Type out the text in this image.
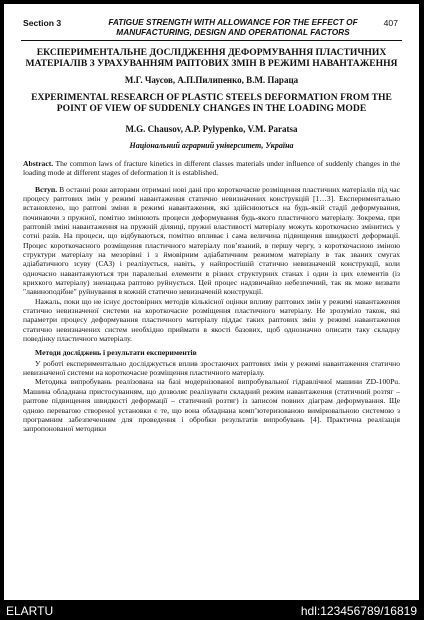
Section 3	FATIGUE STRENGTH WITH ALLOWANCE FOR THE EFFECT OF MANUFACTURING, DESIGN AND OPERATIONAL FACTORS
407
ЕКСПЕРИМЕНТАЛЬНЕ ДОСЛІДЖЕННЯ ДЕФОРМУВАННЯ ПЛАСТИЧНИХ МАТЕРІАЛІВ З УРАХУВАННЯМ РАПТОВИХ ЗМІН В РЕЖИМІ НАВАНТАЖЕННЯ
М.Г. Чаусов, А.П.Пилипенко, В.М. Параца
EXPERIMENTAL RESEARCH OF PLASTIC STEELS DEFORMATION FROM THE POINT OF VIEW OF SUDDENLY CHANGES IN THE LOADING MODE
M.G. Chausov, A.P. Pylypenko, V.M. Paratsa
Національний аграрний університет, Україна
Abstract. The common laws of fracture kinetics in different classes materials under influence of suddenly changes in the loading mode at different stages of deformation it is established.

Вступ. В останні роки авторами отримані нові дані про короткочасне розміщення пластичних матеріалів під час процесу раптових змін у режимі навантаження статично невизначених конструкцій [1…3]. Експериментально встановлено, що раптові зміни в режимі навантаження, які здійснюються на будь-якій стадії деформування, починаючи з пружної, помітно змінюють процеси деформування будь-якого пластичного матеріалу. Зокрема, при раптовій зміні навантаження на пружній ділянці, пружні властивості матеріалу можуть короткочасно змінитись у сотні разів. На процеси, що відбуваються, помітно впливає і сама величина підвищення швидкості деформації. Процес короткочасного розміщення пластичного матеріалу пов’язаний, в першу чергу, з короткочасною зміною структури матеріалу на мезорівні і з ймовірним адіабатичним режимом матеріалу в так званих смугах адіабатичного зсуву (САЗ) і реалізується, навіть, у найпростішій статично невизначеній конструкції, коли одночасно навантажуються три паралельні елементи в різних структурних станах і один із цих елементів (із крихкого матеріалу) зненацька раптово руйнується. Цей процес надзвичайно небезпечний, так як може визвати "лавиноподібне" руйнування в кожній статично невизначеній конструкції.

Нажаль, поки що не існує достовірних методів кількісної оцінки впливу раптових змін у режимі навантаження статично невизначеної системи на короткочасне розміщення пластичного матеріалу. Не зрозуміло також, які параметри процесу деформування пластичного матеріалу піддає таких раптових змін у режимі навантаження статично невизначених систем необхідно приймати в якості базових, щоб однозначно описати таку складну поведінку пластичного матеріалу.

Методи досліджень і результати експериментів

У роботі експериментально досліджується вплив зростаючих раптових змін у режимі навантаження статично невизначеної системи на короткочасне розміщення пластичного матеріалу.

Методика випробувань реалізована на базі модернізованої випробувальної гідравлічної машини ZD-100Pu. Машина обладнана пристосуванням, що дозволяє реалізувати складний режим навантаження (статичний розтяг – раптове підвищення швидкості деформації – статичний розтяг) із записом повних діаграм деформування. Ще одною перевагою створеної установки є те, що вона обладнана комп’ютеризованою вимірювальною системою з програмним забезпеченням для проведення і обробки результатів випробувань [4]. Практична реалізація запропонованої методики

ELARTU	hdl:123456789/16819
